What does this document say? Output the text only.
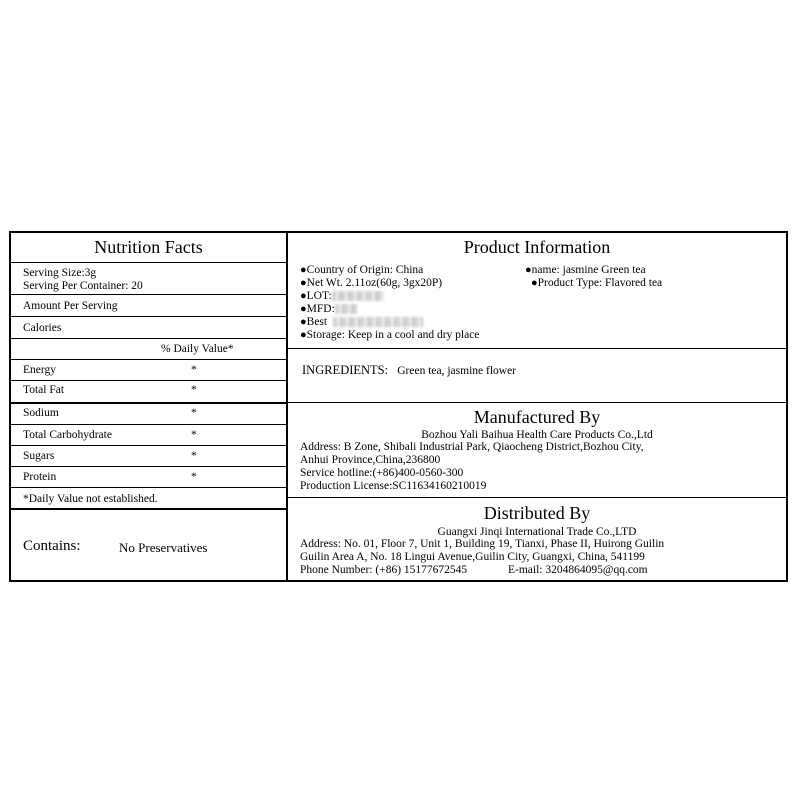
Nutrition Facts
Serving Size:3g
Serving Per Container: 20
Amount Per Serving
Calories
% Daily Value*
Energy	*
Total Fat	*
Sodium	*
Total Carbohydrate	*
Sugars	*
Protein	*
*Daily Value not established.
Contains:	No Preservatives
Product Information
●Country of Origin: China	●name: jasmine Green tea
●Net Wt. 2.11oz(60g, 3gx20P)	●Product Type: Flavored tea
●LOT:
●MFD:
●Best
●Storage: Keep in a cool and dry place
INGREDIENTS: Green tea, jasmine flower
Manufactured By
Bozhou Yali Baihua Health Care Products Co.,Ltd
Address: B Zone, Shibali Industrial Park, Qiaocheng District,Bozhou City,
Anhui Province,China,236800
Service hotline:(+86)400-0560-300
Production License:SC11634160210019
Distributed By
Guangxi Jinqi International Trade Co.,LTD
Address: No. 01, Floor 7, Unit 1, Building 19, Tianxi, Phase II, Huirong Guilin
Guilin Area A, No. 18 Lingui Avenue,Guilin City, Guangxi, China, 541199
Phone Number: (+86) 15177672545	E-mail: 3204864095@qq.com
